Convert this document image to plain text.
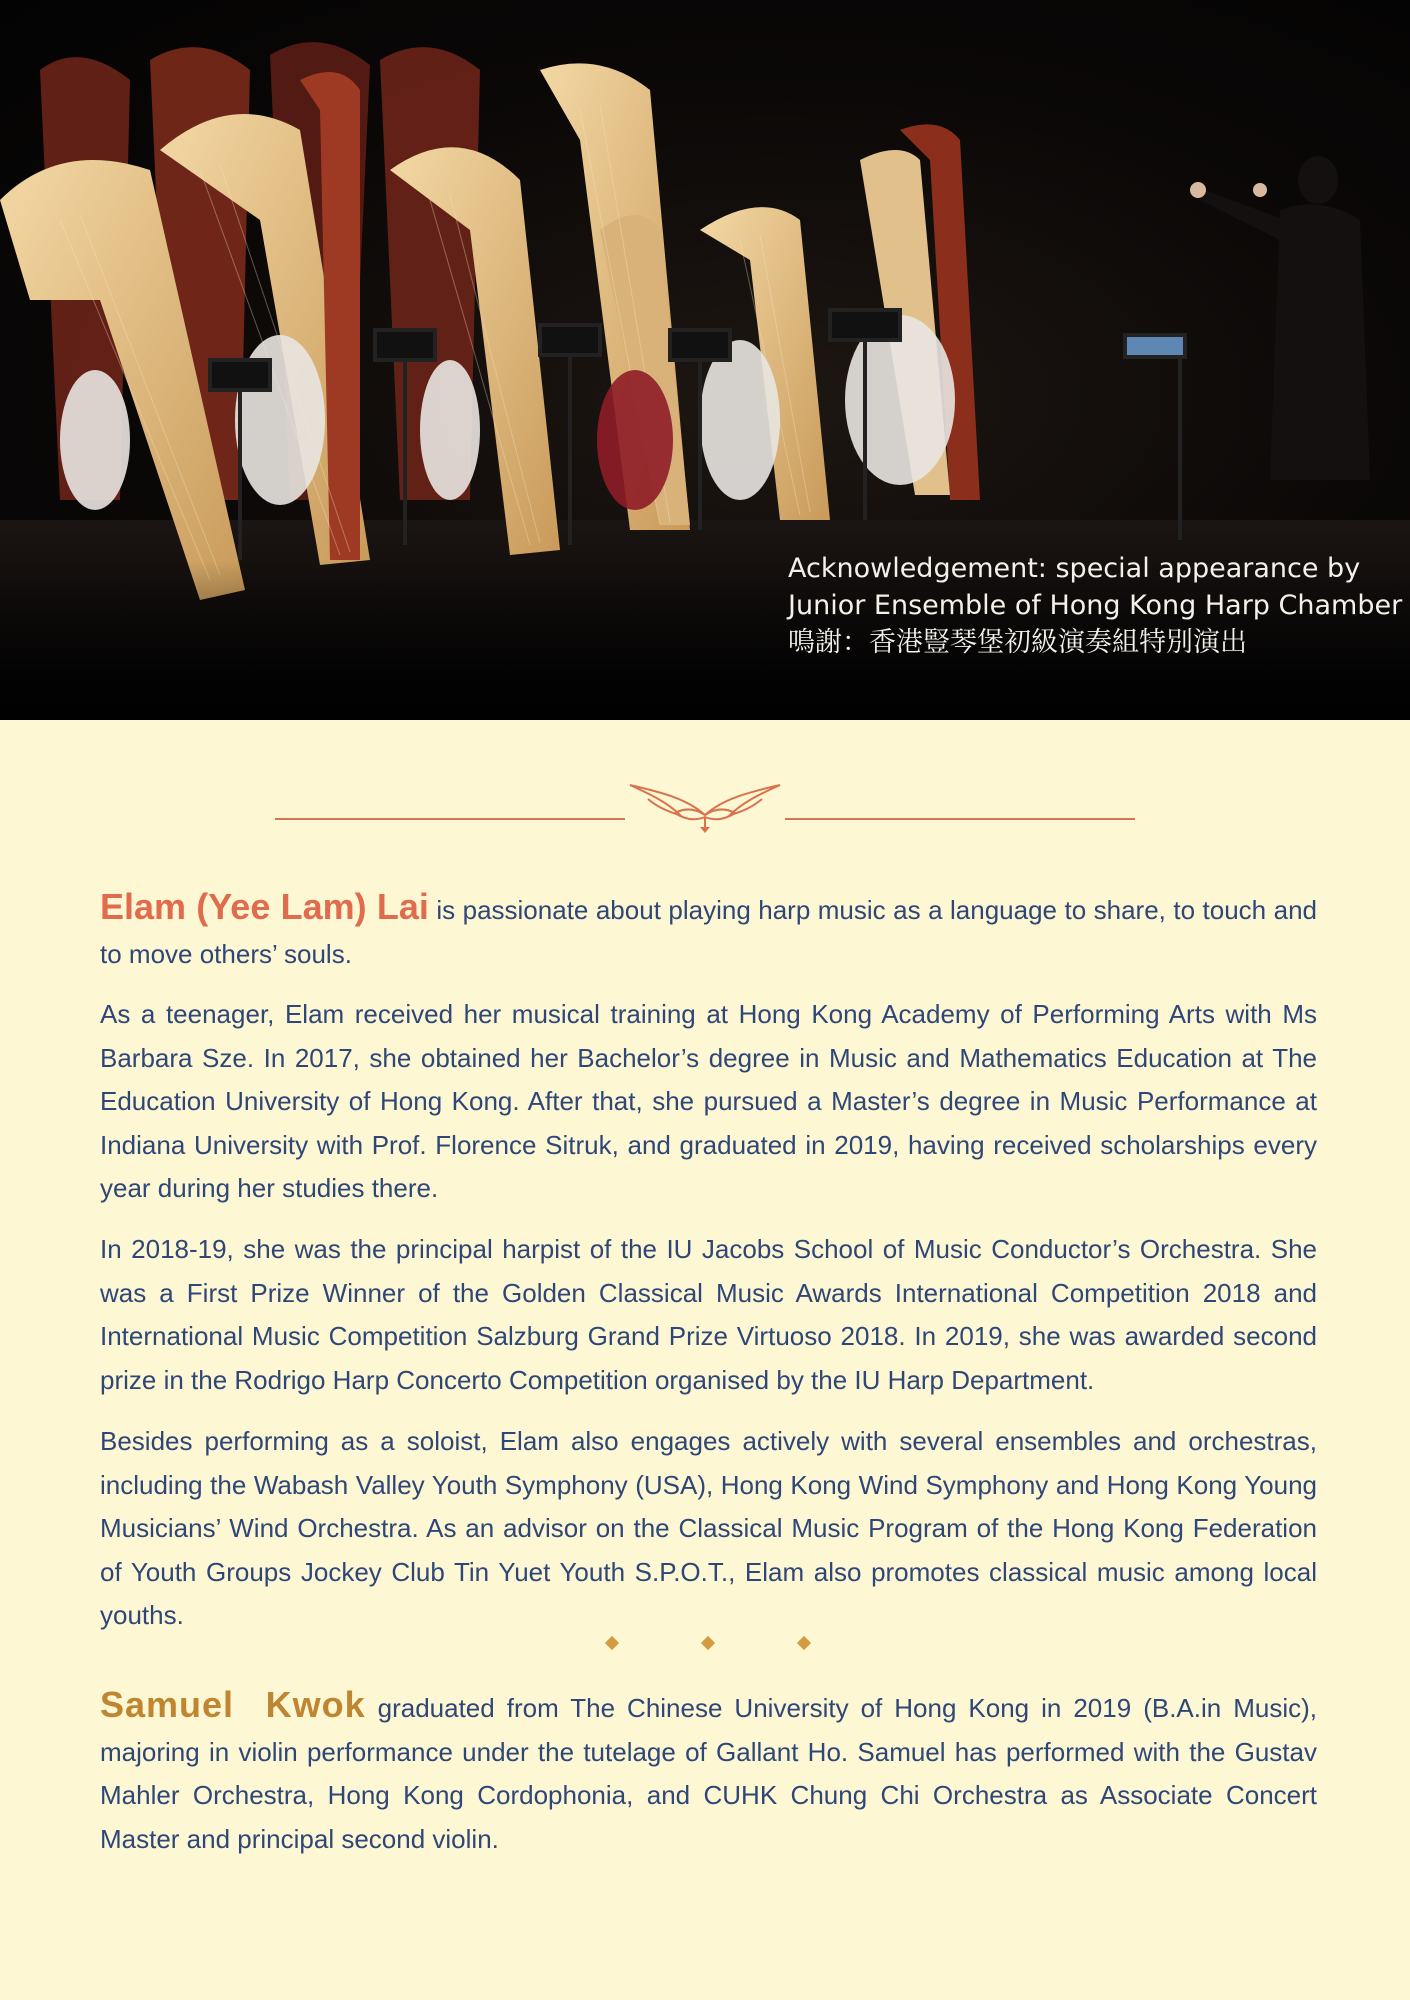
Acknowledgement: special appearance by
Junior Ensemble of Hong Kong Harp Chamber
鳴謝：香港豎琴堡初級演奏組特別演出

Elam (Yee Lam) Lai is passionate about playing harp music as a language to share, to touch and to move others’ souls.

As a teenager, Elam received her musical training at Hong Kong Academy of Performing Arts with Ms Barbara Sze. In 2017, she obtained her Bachelor’s degree in Music and Mathematics Education at The Education University of Hong Kong. After that, she pursued a Master’s degree in Music Performance at Indiana University with Prof. Florence Sitruk, and graduated in 2019, having received scholarships every year during her studies there.

In 2018-19, she was the principal harpist of the IU Jacobs School of Music Conductor’s Orchestra. She was a First Prize Winner of the Golden Classical Music Awards International Competition 2018 and International Music Competition Salzburg Grand Prize Virtuoso 2018. In 2019, she was awarded second prize in the Rodrigo Harp Concerto Competition organised by the IU Harp Department.

Besides performing as a soloist, Elam also engages actively with several ensembles and orchestras, including the Wabash Valley Youth Symphony (USA), Hong Kong Wind Symphony and Hong Kong Young Musicians’ Wind Orchestra. As an advisor on the Classical Music Program of the Hong Kong Federation of Youth Groups Jockey Club Tin Yuet Youth S.P.O.T., Elam also promotes classical music among local youths.

Samuel  Kwok graduated from The Chinese University of Hong Kong in 2019 (B.A.in Music), majoring in violin performance under the tutelage of Gallant Ho. Samuel has performed with the Gustav Mahler Orchestra, Hong Kong Cordophonia, and CUHK Chung Chi Orchestra as Associate Concert Master and principal second violin.
